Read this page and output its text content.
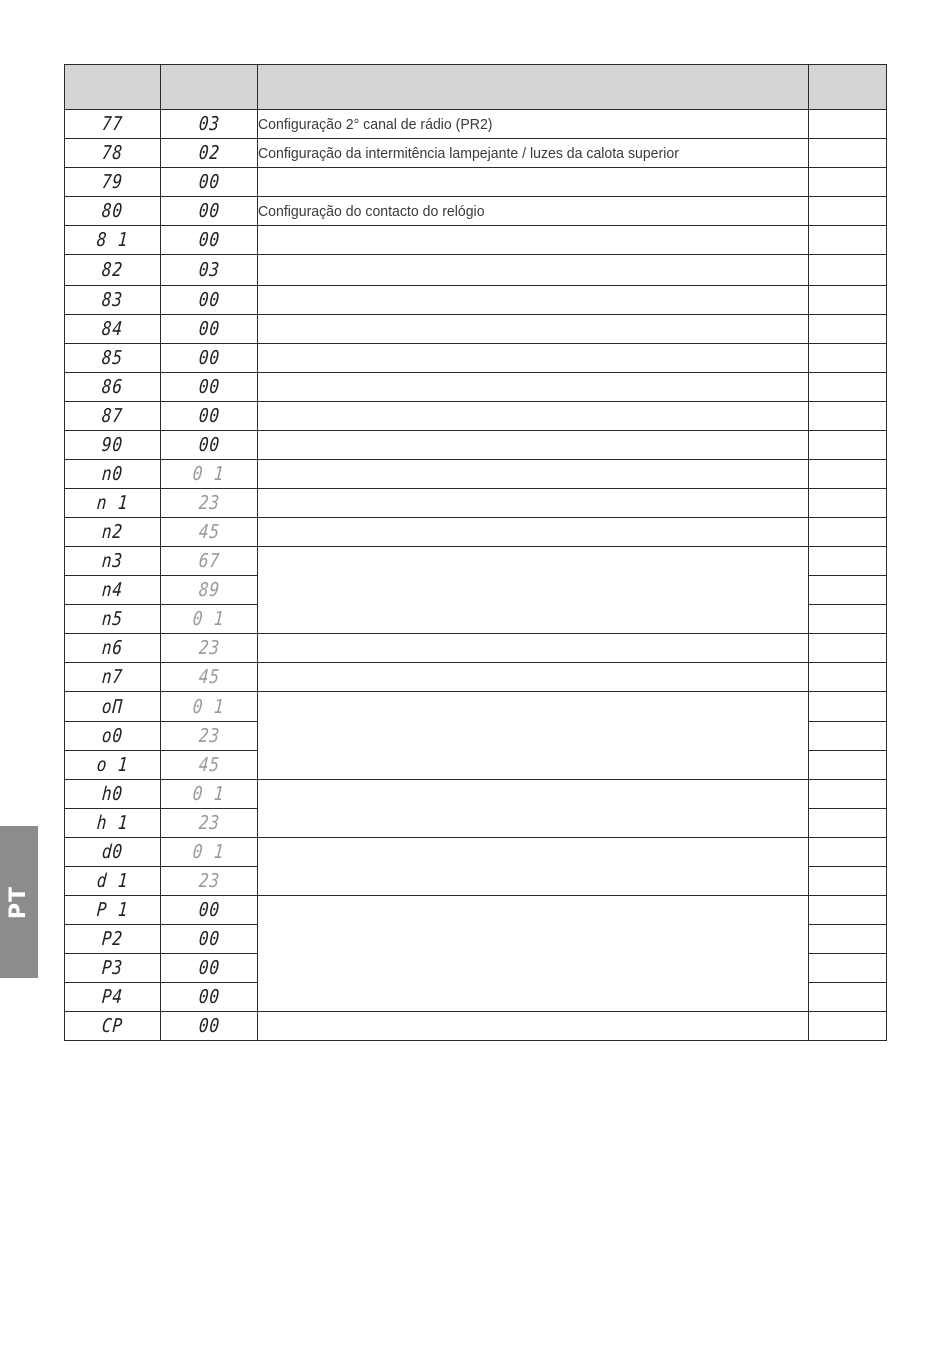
PT

77	03	Configuração 2° canal de rádio (PR2)	
78	02	Configuração da intermitência lampejante / luzes da calota superior	
79	00		
80	00	Configuração do contacto do relógio	
8 1	00		
82	03		
83	00		
84	00		
85	00		
86	00		
87	00		
90	00		
n0	0 1		
n 1	23		
n2	45		
n3	67		
n4	89		
n5	0 1		
n6	23		
n7	45		
oΠ	0 1		
o0	23		
o 1	45		
h0	0 1		
h 1	23		
d0	0 1		
d 1	23		
P 1	00		
P2	00		
P3	00		
P4	00		
CP	00		
